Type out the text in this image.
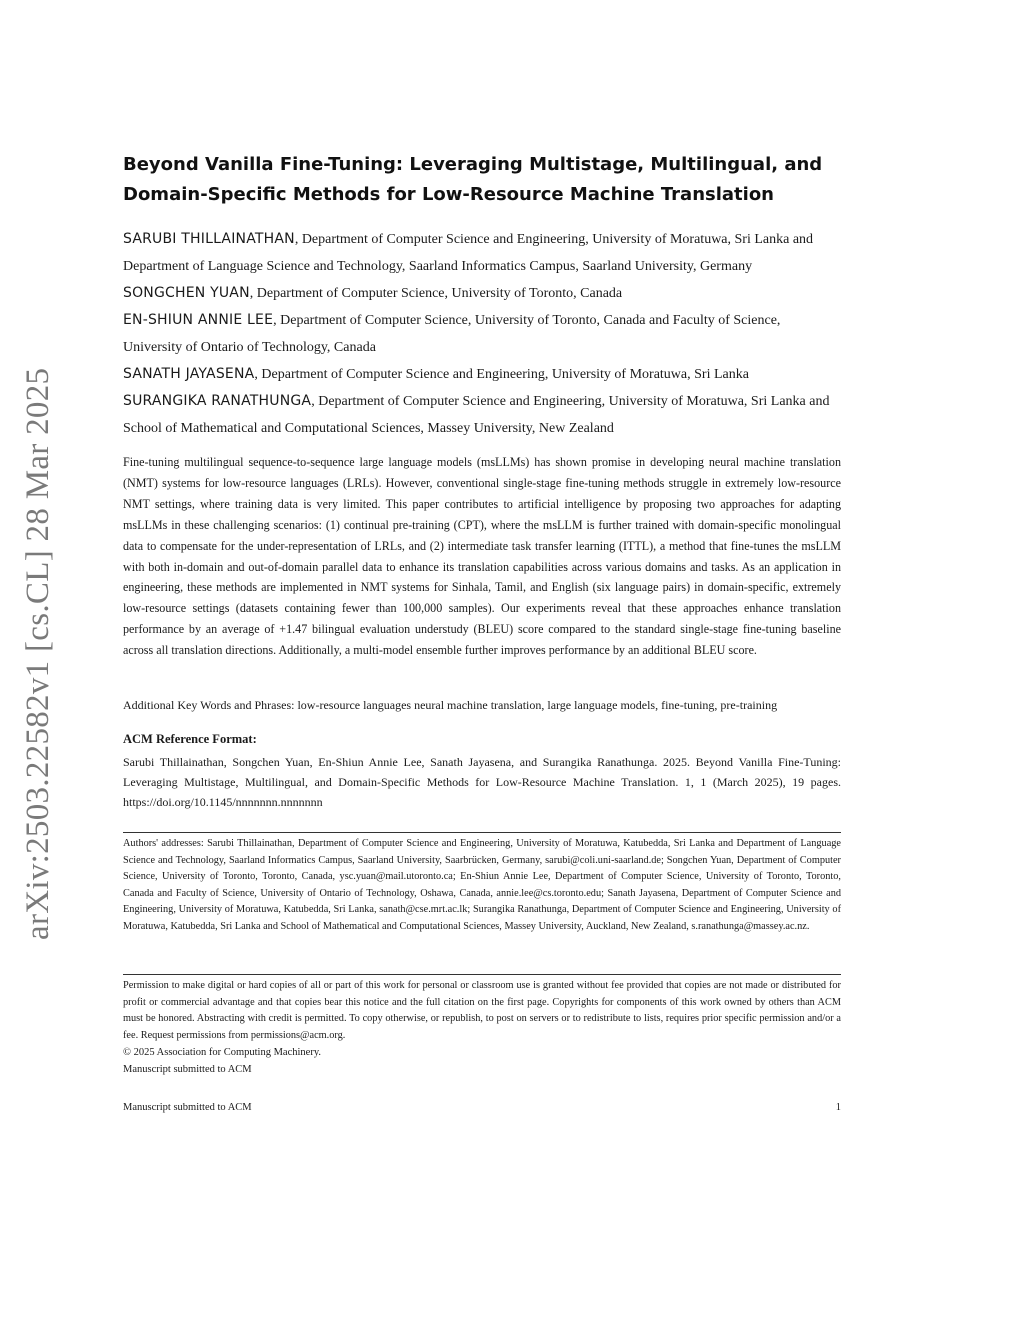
arXiv:2503.22582v1 [cs.CL] 28 Mar 2025
Beyond Vanilla Fine-Tuning: Leveraging Multistage, Multilingual, and Domain-Specific Methods for Low-Resource Machine Translation

SARUBI THILLAINATHAN, Department of Computer Science and Engineering, University of Moratuwa, Sri Lanka and Department of Language Science and Technology, Saarland Informatics Campus, Saarland University, Germany

SONGCHEN YUAN, Department of Computer Science, University of Toronto, Canada

EN-SHIUN ANNIE LEE, Department of Computer Science, University of Toronto, Canada and Faculty of Science, University of Ontario of Technology, Canada

SANATH JAYASENA, Department of Computer Science and Engineering, University of Moratuwa, Sri Lanka

SURANGIKA RANATHUNGA, Department of Computer Science and Engineering, University of Moratuwa, Sri Lanka and School of Mathematical and Computational Sciences, Massey University, New Zealand

Fine-tuning multilingual sequence-to-sequence large language models (msLLMs) has shown promise in developing neural machine translation (NMT) systems for low-resource languages (LRLs). However, conventional single-stage fine-tuning methods struggle in extremely low-resource NMT settings, where training data is very limited. This paper contributes to artificial intelligence by proposing two approaches for adapting msLLMs in these challenging scenarios: (1) continual pre-training (CPT), where the msLLM is further trained with domain-specific monolingual data to compensate for the under-representation of LRLs, and (2) intermediate task transfer learning (ITTL), a method that fine-tunes the msLLM with both in-domain and out-of-domain parallel data to enhance its translation capabilities across various domains and tasks. As an application in engineering, these methods are implemented in NMT systems for Sinhala, Tamil, and English (six language pairs) in domain-specific, extremely low-resource settings (datasets containing fewer than 100,000 samples). Our experiments reveal that these approaches enhance translation performance by an average of +1.47 bilingual evaluation understudy (BLEU) score compared to the standard single-stage fine-tuning baseline across all translation directions. Additionally, a multi-model ensemble further improves performance by an additional BLEU score.
Additional Key Words and Phrases: low-resource languages neural machine translation, large language models, fine-tuning, pre-training
ACM Reference Format:
Sarubi Thillainathan, Songchen Yuan, En-Shiun Annie Lee, Sanath Jayasena, and Surangika Ranathunga. 2025. Beyond Vanilla Fine-Tuning: Leveraging Multistage, Multilingual, and Domain-Specific Methods for Low-Resource Machine Translation. 1, 1 (March 2025), 19 pages. https://doi.org/10.1145/nnnnnnn.nnnnnnn
Authors' addresses: Sarubi Thillainathan, Department of Computer Science and Engineering, University of Moratuwa, Katubedda, Sri Lanka and Department of Language Science and Technology, Saarland Informatics Campus, Saarland University, Saarbrücken, Germany, sarubi@coli.uni-saarland.de; Songchen Yuan, Department of Computer Science, University of Toronto, Toronto, Canada, ysc.yuan@mail.utoronto.ca; En-Shiun Annie Lee, Department of Computer Science, University of Toronto, Toronto, Canada and Faculty of Science, University of Ontario of Technology, Oshawa, Canada, annie.lee@cs.toronto.edu; Sanath Jayasena, Department of Computer Science and Engineering, University of Moratuwa, Katubedda, Sri Lanka, sanath@cse.mrt.ac.lk; Surangika Ranathunga, Department of Computer Science and Engineering, University of Moratuwa, Katubedda, Sri Lanka and School of Mathematical and Computational Sciences, Massey University, Auckland, New Zealand, s.ranathunga@massey.ac.nz.
Permission to make digital or hard copies of all or part of this work for personal or classroom use is granted without fee provided that copies are not made or distributed for profit or commercial advantage and that copies bear this notice and the full citation on the first page. Copyrights for components of this work owned by others than ACM must be honored. Abstracting with credit is permitted. To copy otherwise, or republish, to post on servers or to redistribute to lists, requires prior specific permission and/or a fee. Request permissions from permissions@acm.org.
© 2025 Association for Computing Machinery.
Manuscript submitted to ACM
Manuscript submitted to ACM	1
